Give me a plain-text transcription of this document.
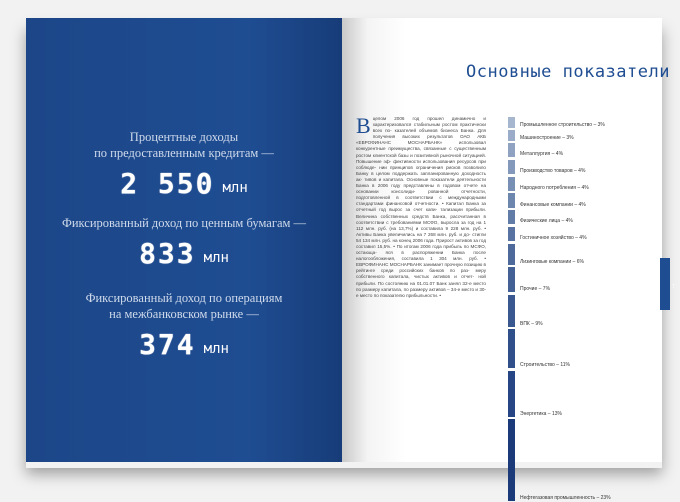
Процентные доходы
по предоставленным кредитам —
2 550 млн
Фиксированный доход по ценным бумагам —
833 млн
Фиксированный доход по операциям
на межбанковском рынке —
374 млн
Основные показатели
В целом 2006 год прошел динамично и характеризовался стабильным ростом практически всех по- казателей объемов бизнеса Банка. Для получения высоких результатов ОАО АКБ «ЕВРОФИНАНС МОСНАРБАНК» использовал конкурентные преимущества, связанные с существенным ростом клиентской базы и позитивной рыночной ситуацией. Повышение эф- фективности использования ресурсов при соблюде- нии принципов ограничения рисков позволило Банку в целом поддержать запланированную доходность ак- тивов и капитала. Основные показатели деятельности Банка в 2006 году представлены в годовом отчете на основании консолиди- рованной отчетности, подготовленной в соответствии с международными стандартами финансовой отчетности. • Капитал Банка за отчетный год вырос за счет капи- тализации прибыли. Величина собственных средств Банка, рассчитанная в соответствии с требованиями МСФО, выросла за год на 1 112 млн. руб. (на 13,7%) и составила 9 228 млн. руб. • Активы Банка увеличились на 7 268 млн. руб. и до- стигли 54 134 млн. руб. на конец 2006 года. Прирост активов за год составил 15,5%. • По итогам 2006 года прибыль по МСФО, остающа- яся в распоряжении Банка после налогообложения, составила 1 304 млн. руб. • ЕВРОФИНАНС МОСНАРБАНК занимает прочную позицию в рейтинге среди российских банков по раз- меру собственного капитала, чистых активов и отчет- ной прибыли. По состоянию на 01.01.07 Банк занял 32-е место по размеру капитала, по размеру активов – 34-е место и 30-е место по показателю прибыльности. •
Промышленное строительство – 3%
Машиностроение – 3%
Металлургия – 4%
Производство товаров – 4%
Народного потребления – 4%
Финансовые компании – 4%
Физические лица – 4%
Гостиничное хозяйство – 4%
Лизинговые компании – 6%
Прочие – 7%
ВПК – 9%
Строительство – 11%
Энергетика – 13%
Нефтегазовая промышленность – 23%
7
